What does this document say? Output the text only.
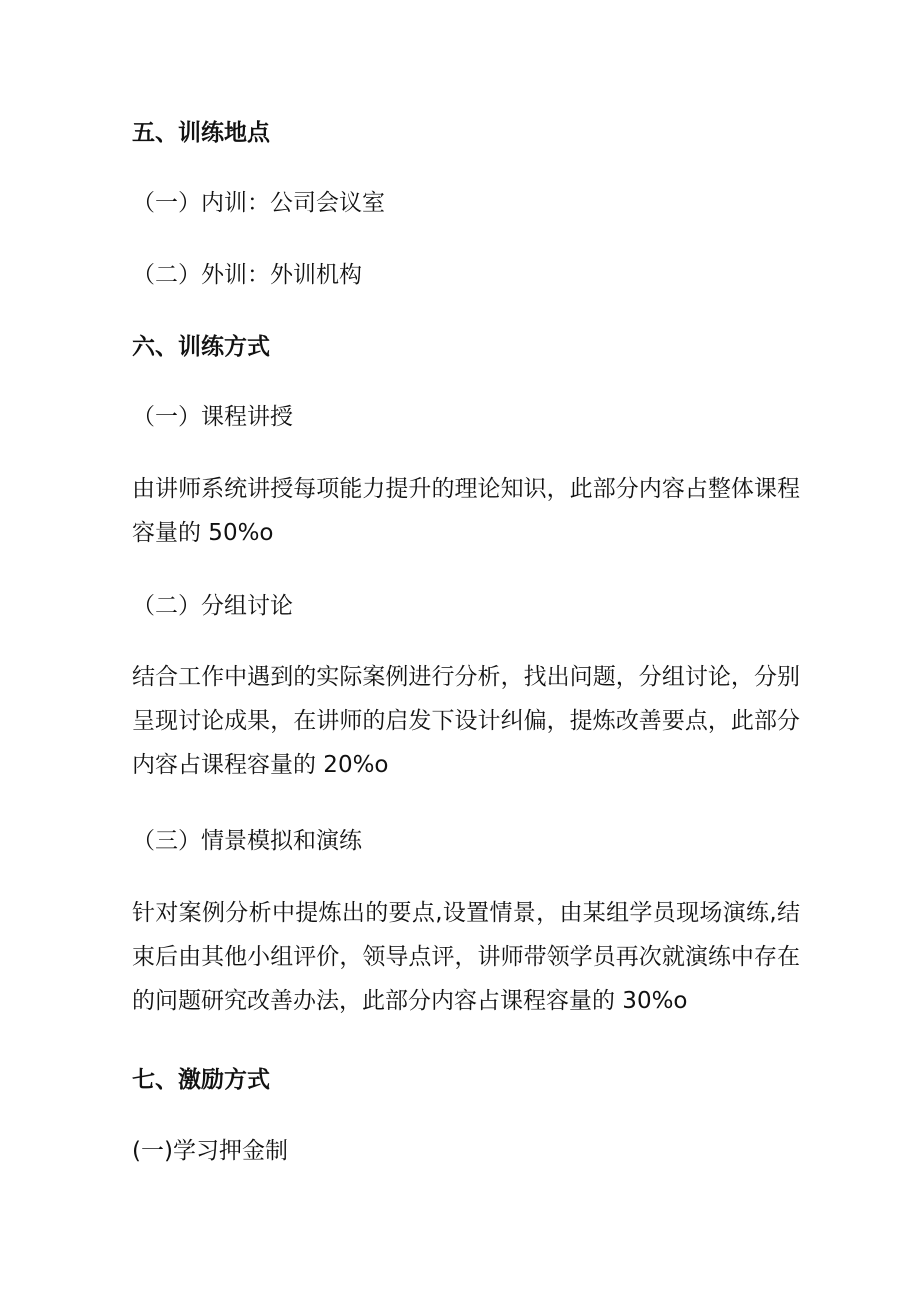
五、训练地点
（一）内训：公司会议室
（二）外训：外训机构
六、训练方式
（一）课程讲授
由讲师系统讲授每项能力提升的理论知识，此部分内容占整体课程容量的 50%o
（二）分组讨论
结合工作中遇到的实际案例进行分析，找出问题，分组讨论，分别呈现讨论成果，在讲师的启发下设计纠偏，提炼改善要点，此部分内容占课程容量的 20%o
（三）情景模拟和演练
针对案例分析中提炼出的要点,设置情景，由某组学员现场演练,结束后由其他小组评价，领导点评，讲师带领学员再次就演练中存在的问题研究改善办法，此部分内容占课程容量的 30%o
七、激励方式
(一)学习押金制
